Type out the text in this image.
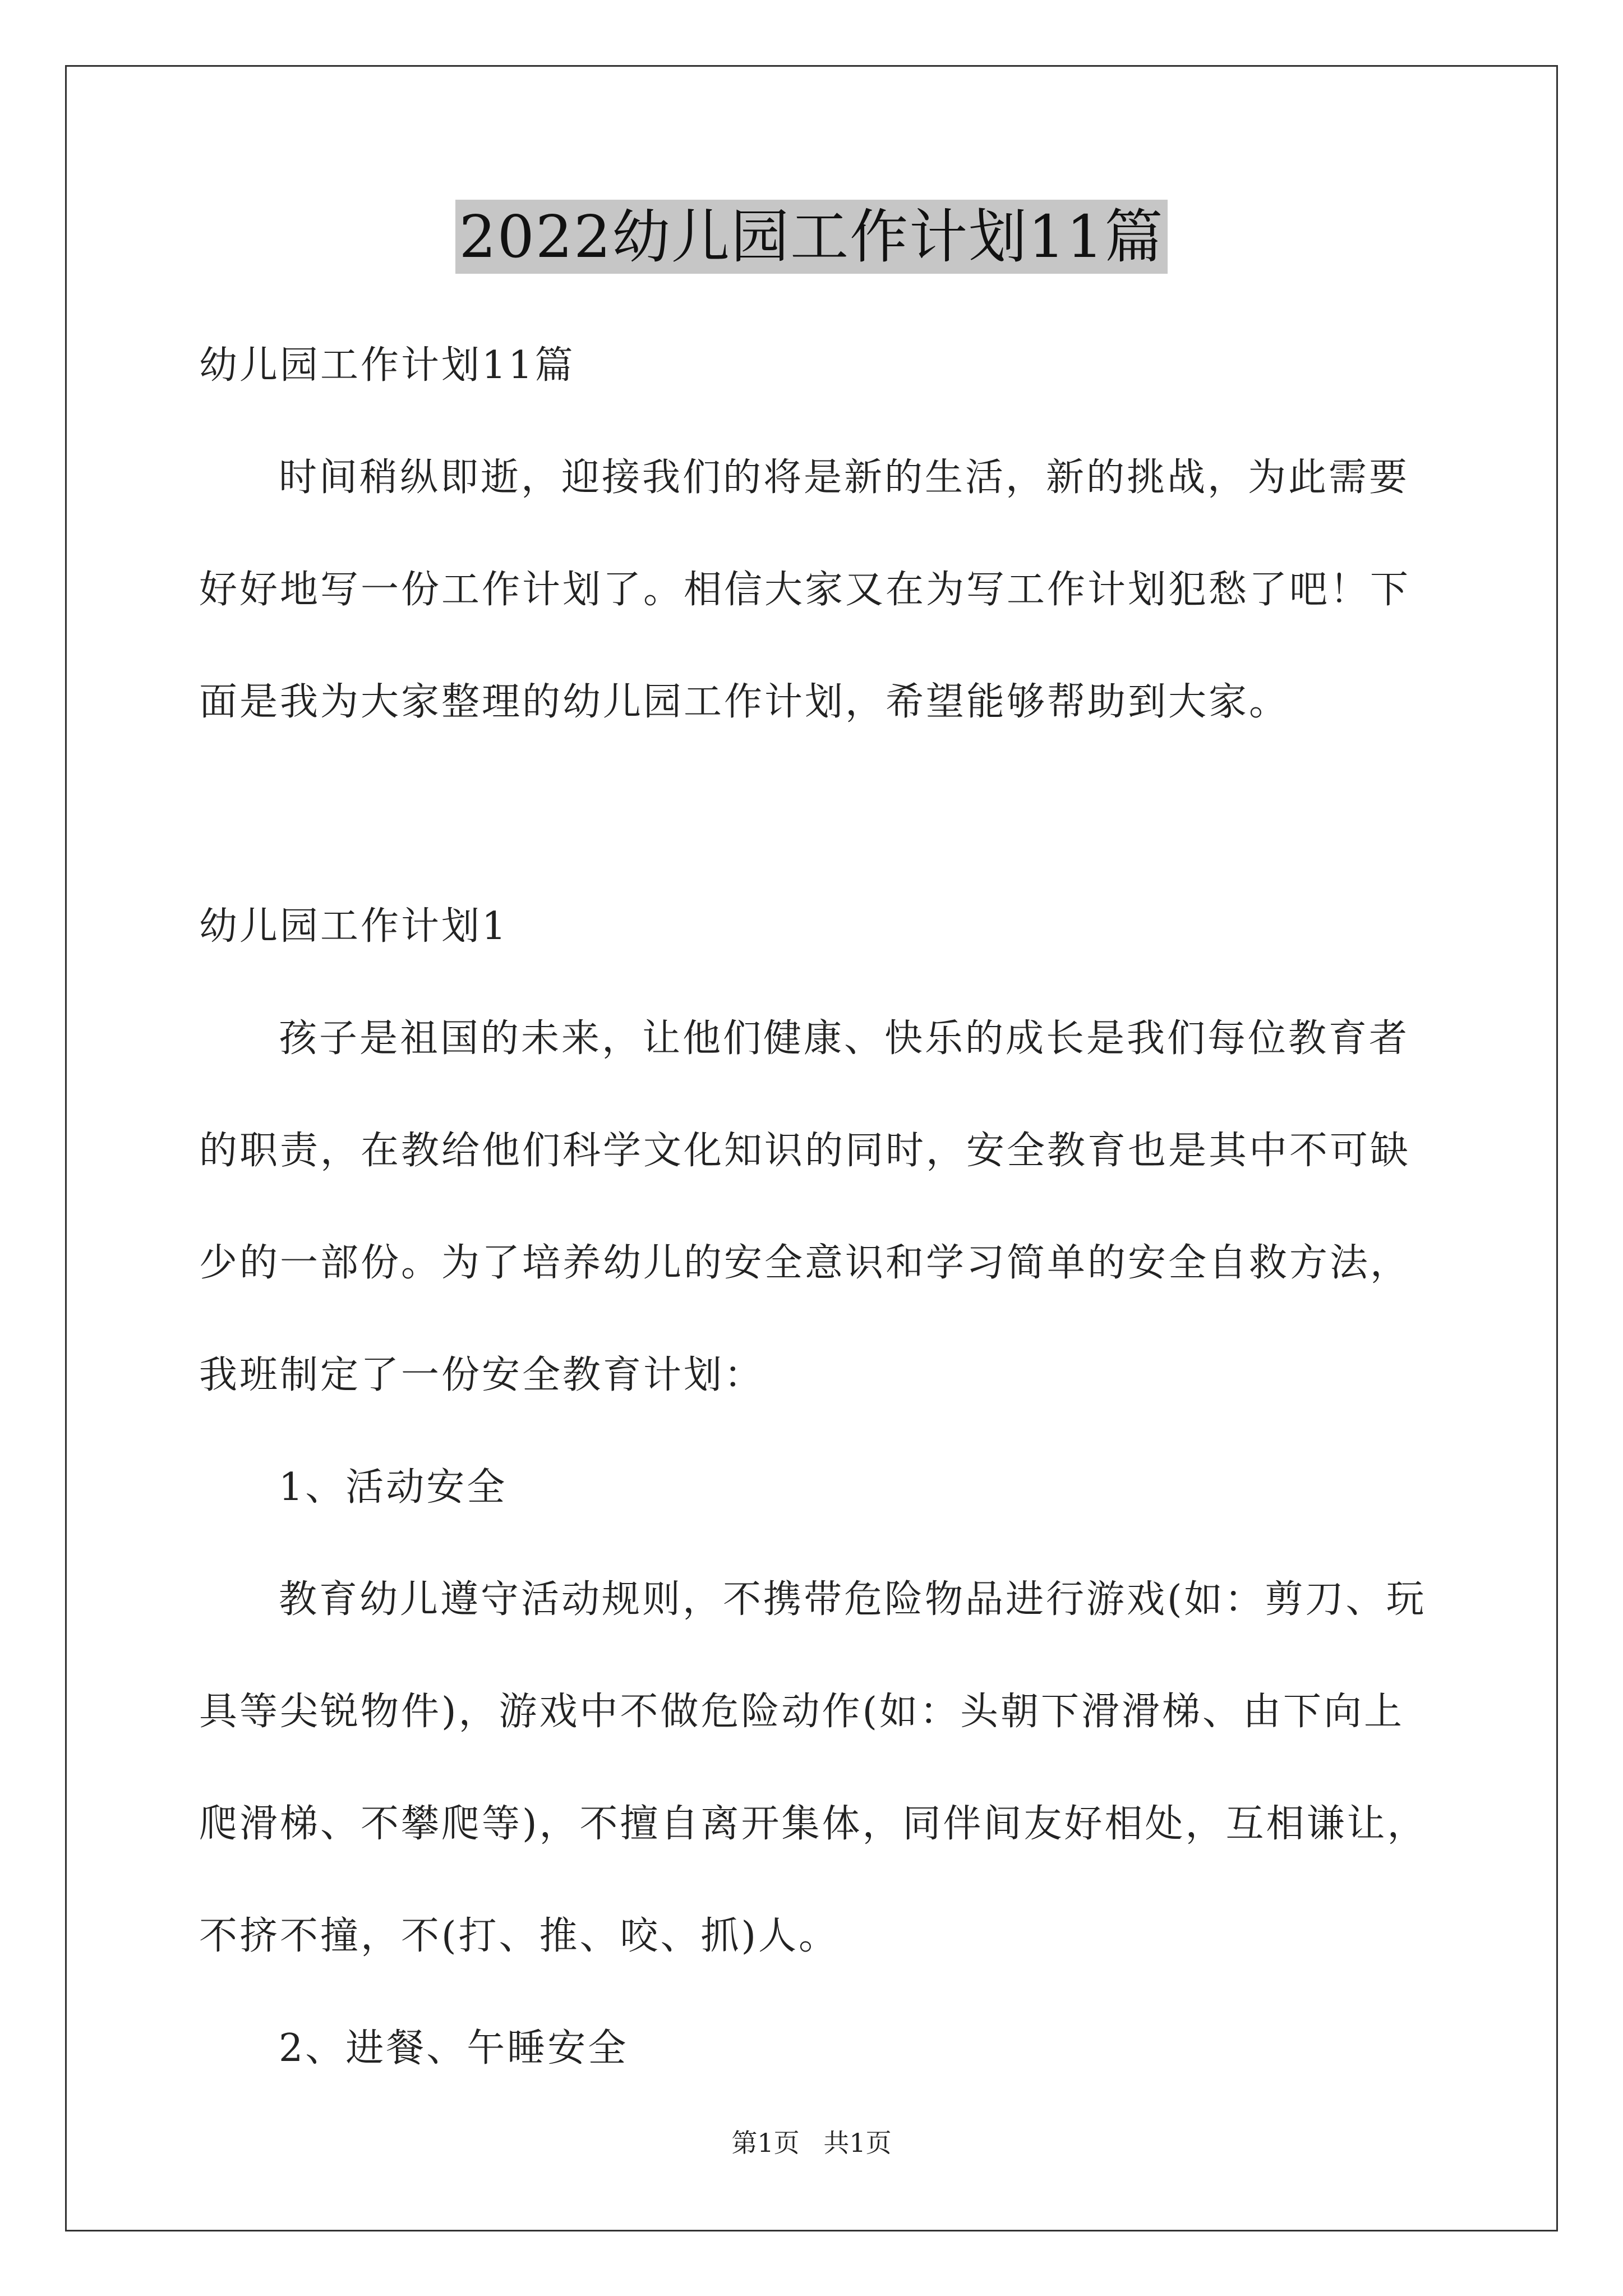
2022幼儿园工作计划11篇

幼儿园工作计划11篇

时间稍纵即逝，迎接我们的将是新的生活，新的挑战，为此需要

好好地写一份工作计划了。相信大家又在为写工作计划犯愁了吧！下

面是我为大家整理的幼儿园工作计划，希望能够帮助到大家。

幼儿园工作计划1

孩子是祖国的未来，让他们健康、快乐的成长是我们每位教育者

的职责，在教给他们科学文化知识的同时，安全教育也是其中不可缺

少的一部份。为了培养幼儿的安全意识和学习简单的安全自救方法，

我班制定了一份安全教育计划：

1、活动安全

教育幼儿遵守活动规则，不携带危险物品进行游戏(如：剪刀、玩

具等尖锐物件)，游戏中不做危险动作(如：头朝下滑滑梯、由下向上

爬滑梯、不攀爬等)，不擅自离开集体，同伴间友好相处，互相谦让，

不挤不撞，不(打、推、咬、抓)人。

2、进餐、午睡安全

第1页 共1页
